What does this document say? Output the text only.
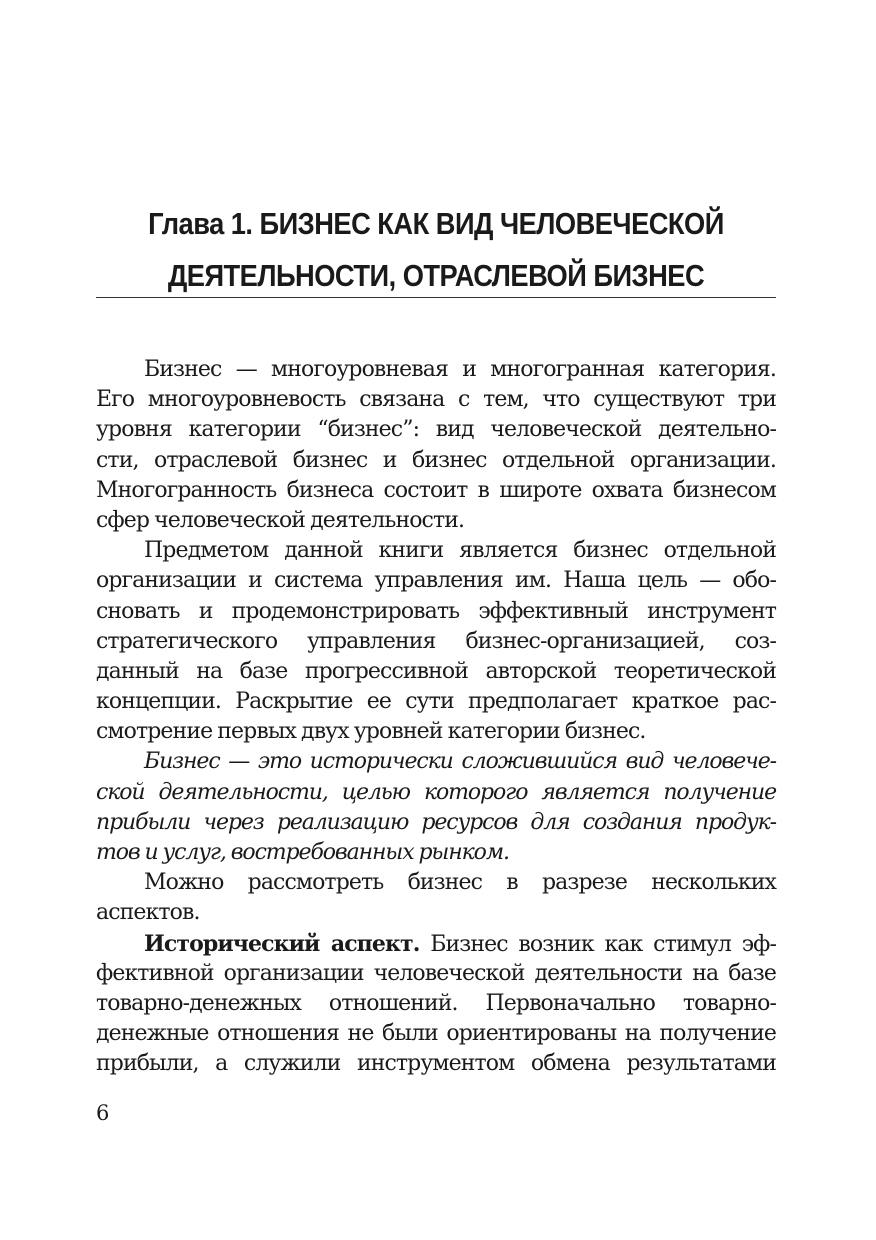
Глава 1. БИЗНЕС КАК ВИД ЧЕЛОВЕЧЕСКОЙ
ДЕЯТЕЛЬНОСТИ, ОТРАСЛЕВОЙ БИЗНЕС
Бизнес — многоуровневая и многогранная категория.
Его многоуровневость связана с тем, что существуют три
уровня категории “бизнес”: вид человеческой деятельно-
сти, отраслевой бизнес и бизнес отдельной организации.
Многогранность бизнеса состоит в широте охвата бизнесом
сфер человеческой деятельности.
Предметом данной книги является бизнес отдельной
организации и система управления им. Наша цель — обо-
сновать и продемонстрировать эффективный инструмент
стратегического управления бизнес-организацией, соз-
данный на базе прогрессивной авторской теоретической
концепции. Раскрытие ее сути предполагает краткое рас-
смотрение первых двух уровней категории бизнес.
Бизнес — это исторически сложившийся вид человече-
ской деятельности, целью которого является получение
прибыли через реализацию ресурсов для создания продук-
тов и услуг, востребованных рынком.
Можно рассмотреть бизнес в разрезе нескольких
аспектов.
Исторический аспект. Бизнес возник как стимул эф-
фективной организации человеческой деятельности на базе
товарно-денежных отношений. Первоначально товарно-
денежные отношения не были ориентированы на получение
прибыли, а служили инструментом обмена результатами
6
